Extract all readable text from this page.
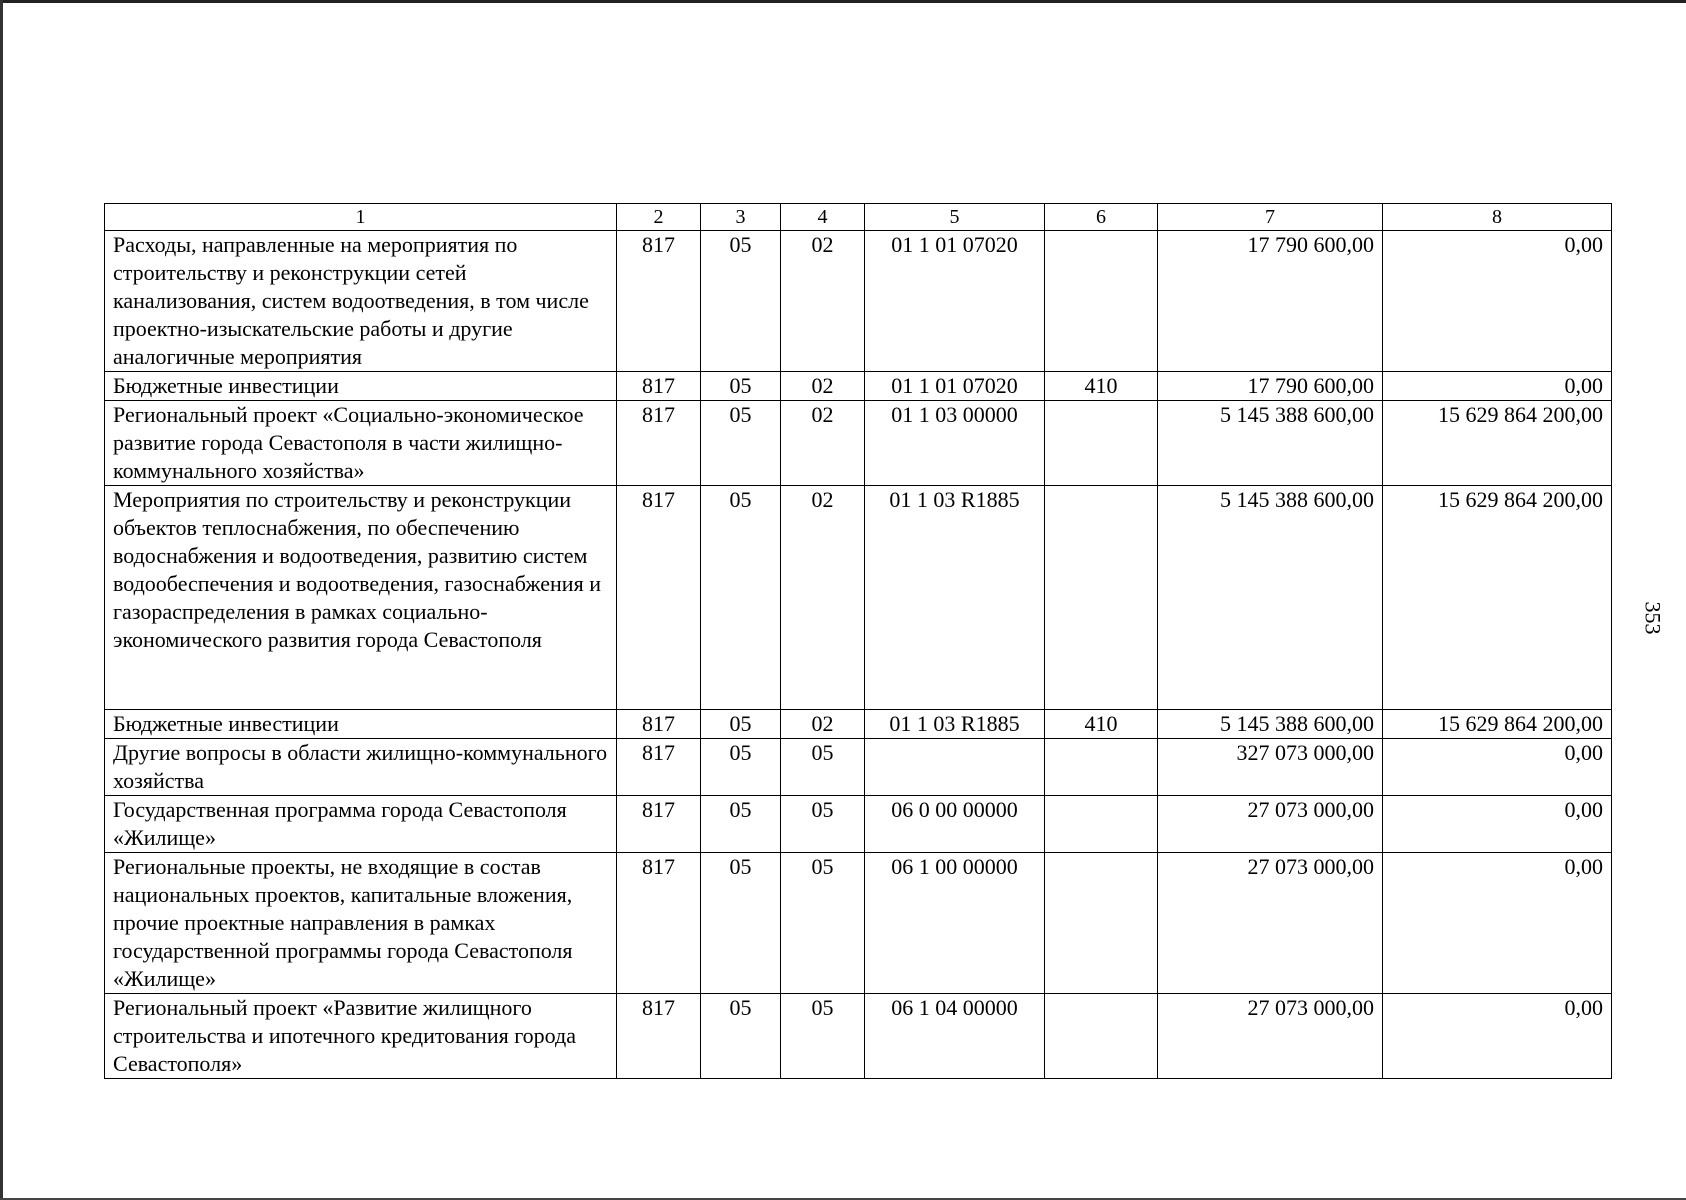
353
1	2	3	4	5	6	7	8
Расходы, направленные на мероприятия по строительству и реконструкции сетей канализования, систем водоотведения, в том числе проектно-изыскательские работы и другие аналогичные мероприятия	817	05	02	01 1 01 07020		17 790 600,00	0,00
Бюджетные инвестиции	817	05	02	01 1 01 07020	410	17 790 600,00	0,00
Региональный проект «Социально-экономическое развитие города Севастополя в части жилищно-коммунального хозяйства»	817	05	02	01 1 03 00000		5 145 388 600,00	15 629 864 200,00
Мероприятия по строительству и реконструкции объектов теплоснабжения, по обеспечению водоснабжения и водоотведения, развитию систем водообеспечения и водоотведения, газоснабжения и газораспределения в рамках социально-экономического развития города Севастополя	817	05	02	01 1 03 R1885		5 145 388 600,00	15 629 864 200,00
Бюджетные инвестиции	817	05	02	01 1 03 R1885	410	5 145 388 600,00	15 629 864 200,00
Другие вопросы в области жилищно-коммунального хозяйства	817	05	05			327 073 000,00	0,00
Государственная программа города Севастополя «Жилище»	817	05	05	06 0 00 00000		27 073 000,00	0,00
Региональные проекты, не входящие в состав национальных проектов, капитальные вложения, прочие проектные направления в рамках государственной программы города Севастополя «Жилище»	817	05	05	06 1 00 00000		27 073 000,00	0,00
Региональный проект «Развитие жилищного строительства и ипотечного кредитования города Севастополя»	817	05	05	06 1 04 00000		27 073 000,00	0,00
